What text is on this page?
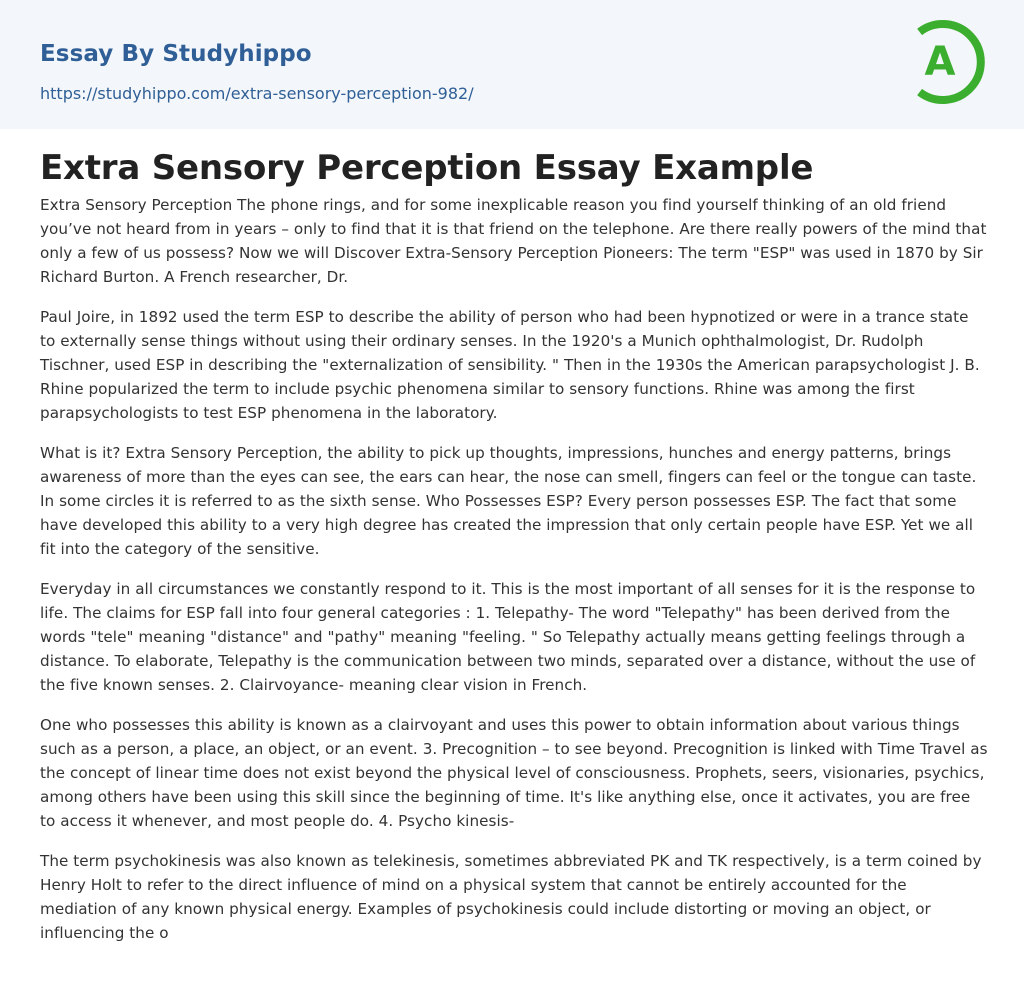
Essay By Studyhippo
https://studyhippo.com/extra-sensory-perception-982/
A
Extra Sensory Perception Essay Example

Extra Sensory Perception The phone rings, and for some inexplicable reason you find yourself thinking of an old friend you’ve not heard from in years – only to find that it is that friend on the telephone. Are there really powers of the mind that only a few of us possess? Now we will Discover Extra-Sensory Perception Pioneers: The term "ESP" was used in 1870 by Sir Richard Burton. A French researcher, Dr.

Paul Joire, in 1892 used the term ESP to describe the ability of person who had been hypnotized or were in a trance state to externally sense things without using their ordinary senses. In the 1920's a Munich ophthalmologist, Dr. Rudolph Tischner, used ESP in describing the "externalization of sensibility. " Then in the 1930s the American parapsychologist J. B. Rhine popularized the term to include psychic phenomena similar to sensory functions. Rhine was among the first parapsychologists to test ESP phenomena in the laboratory.

What is it? Extra Sensory Perception, the ability to pick up thoughts, impressions, hunches and energy patterns, brings awareness of more than the eyes can see, the ears can hear, the nose can smell, fingers can feel or the tongue can taste. In some circles it is referred to as the sixth sense. Who Possesses ESP? Every person possesses ESP. The fact that some have developed this ability to a very high degree has created the impression that only certain people have ESP. Yet we all fit into the category of the sensitive.

Everyday in all circumstances we constantly respond to it. This is the most important of all senses for it is the response to life. The claims for ESP fall into four general categories : 1. Telepathy- The word "Telepathy" has been derived from the words "tele" meaning "distance" and "pathy" meaning "feeling. " So Telepathy actually means getting feelings through a distance. To elaborate, Telepathy is the communication between two minds, separated over a distance, without the use of the five known senses. 2. Clairvoyance- meaning clear vision in French.

One who possesses this ability is known as a clairvoyant and uses this power to obtain information about various things such as a person, a place, an object, or an event. 3. Precognition – to see beyond. Precognition is linked with Time Travel as the concept of linear time does not exist beyond the physical level of consciousness. Prophets, seers, visionaries, psychics, among others have been using this skill since the beginning of time. It's like anything else, once it activates, you are free to access it whenever, and most people do. 4. Psycho kinesis-

The term psychokinesis was also known as telekinesis, sometimes abbreviated PK and TK respectively, is a term coined by Henry Holt to refer to the direct influence of mind on a physical system that cannot be entirely accounted for the mediation of any known physical energy. Examples of psychokinesis could include distorting or moving an object, or influencing the o
